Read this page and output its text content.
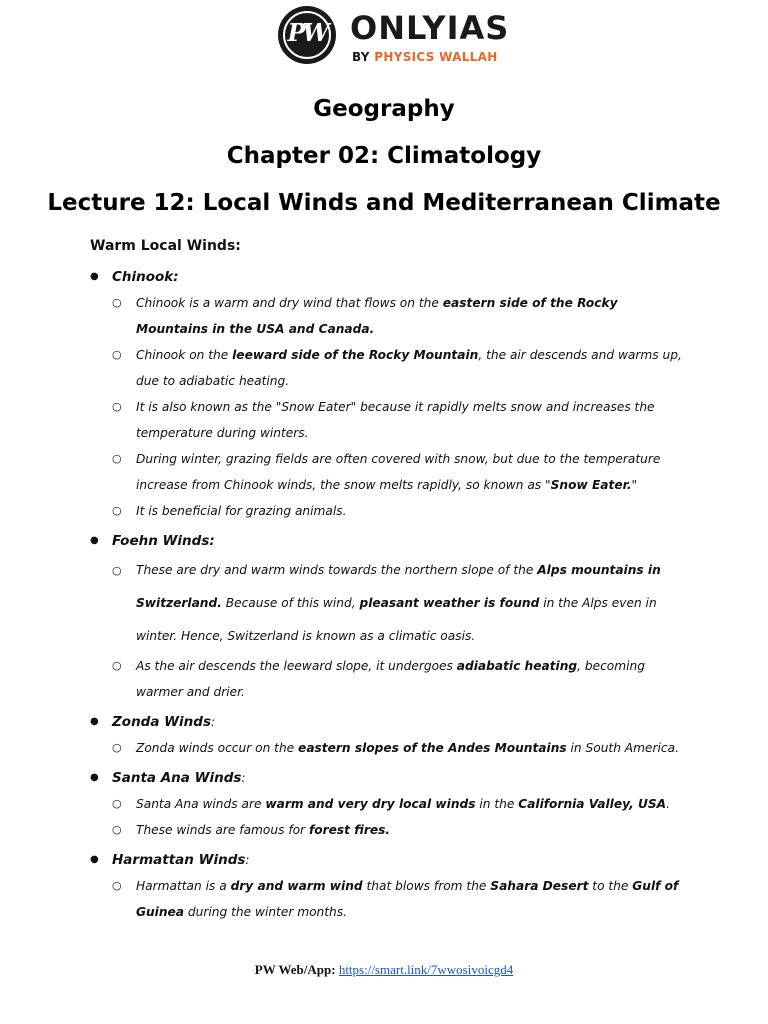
PW ONLYIAS
BY PHYSICS WALLAH
Geography
Chapter 02: Climatology
Lecture 12: Local Winds and Mediterranean Climate
Warm Local Winds:
● Chinook:
○ Chinook is a warm and dry wind that flows on the eastern side of the Rocky Mountains in the USA and Canada.
○ Chinook on the leeward side of the Rocky Mountain, the air descends and warms up, due to adiabatic heating.
○ It is also known as the "Snow Eater" because it rapidly melts snow and increases the temperature during winters.
○ During winter, grazing fields are often covered with snow, but due to the temperature increase from Chinook winds, the snow melts rapidly, so known as "Snow Eater."
○ It is beneficial for grazing animals.
● Foehn Winds:
○ These are dry and warm winds towards the northern slope of the Alps mountains in Switzerland. Because of this wind, pleasant weather is found in the Alps even in winter. Hence, Switzerland is known as a climatic oasis.
○ As the air descends the leeward slope, it undergoes adiabatic heating, becoming warmer and drier.
● Zonda Winds:
○ Zonda winds occur on the eastern slopes of the Andes Mountains in South America.
● Santa Ana Winds:
○ Santa Ana winds are warm and very dry local winds in the California Valley, USA.
○ These winds are famous for forest fires.
● Harmattan Winds:
○ Harmattan is a dry and warm wind that blows from the Sahara Desert to the Gulf of Guinea during the winter months.
PW Web/App: https://smart.link/7wwosivoicgd4
